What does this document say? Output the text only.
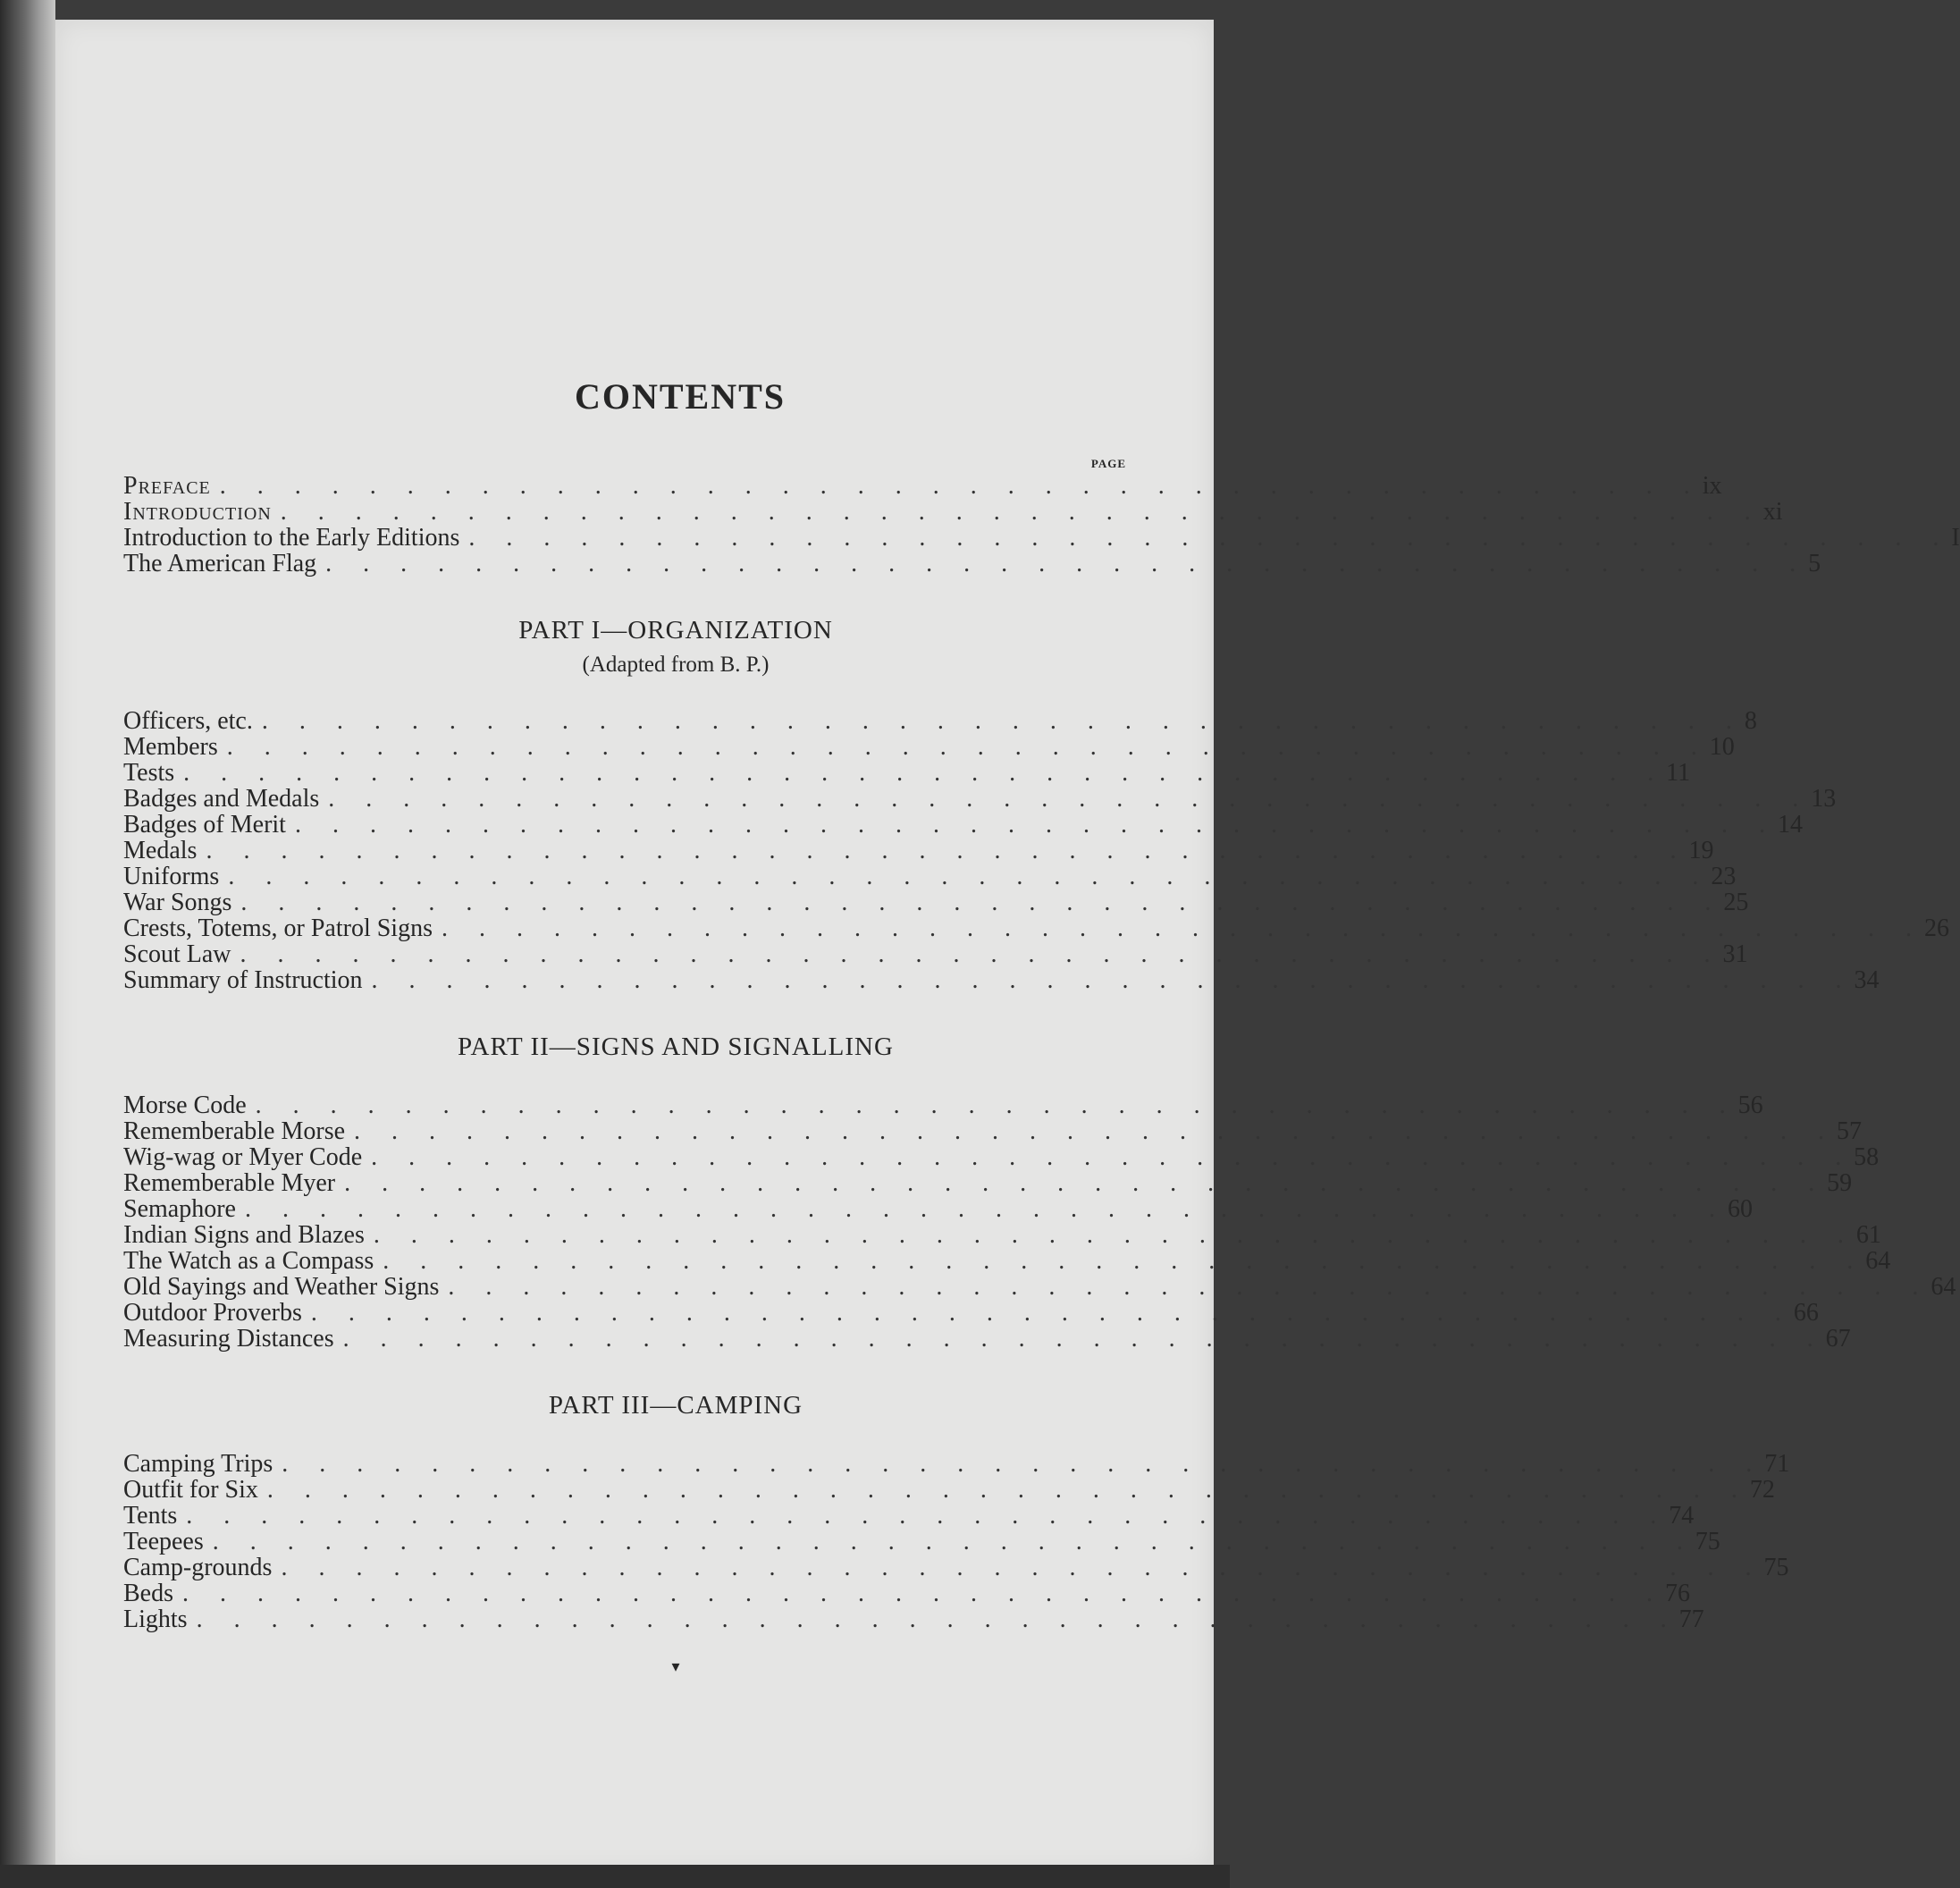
CONTENTS
PAGE
Preface . . . . . . . . . . . . . . . . . . . . . . . . . . . . . . . . . . . . . . . . ix
Introduction . . . . . . . . . . . . . . . . . . . . . . . . . . . . . . . . . . . . . . . . xi
Introduction to the Early Editions . . . . . . . . . . . . . . . . . . . . . . . . . . . . . . . . . . . . . . . . I
The American Flag . . . . . . . . . . . . . . . . . . . . . . . . . . . . . . . . . . . . . . . . 5
PART I—ORGANIZATION
(Adapted from B. P.)
Officers, etc. . . . . . . . . . . . . . . . . . . . . . . . . . . . . . . . . . . . . . . . . 8
Members . . . . . . . . . . . . . . . . . . . . . . . . . . . . . . . . . . . . . . . . 10
Tests . . . . . . . . . . . . . . . . . . . . . . . . . . . . . . . . . . . . . . . . 11
Badges and Medals . . . . . . . . . . . . . . . . . . . . . . . . . . . . . . . . . . . . . . . . 13
Badges of Merit . . . . . . . . . . . . . . . . . . . . . . . . . . . . . . . . . . . . . . . . 14
Medals . . . . . . . . . . . . . . . . . . . . . . . . . . . . . . . . . . . . . . . . 19
Uniforms . . . . . . . . . . . . . . . . . . . . . . . . . . . . . . . . . . . . . . . . 23
War Songs . . . . . . . . . . . . . . . . . . . . . . . . . . . . . . . . . . . . . . . . 25
Crests, Totems, or Patrol Signs . . . . . . . . . . . . . . . . . . . . . . . . . . . . . . . . . . . . . . . . 26
Scout Law . . . . . . . . . . . . . . . . . . . . . . . . . . . . . . . . . . . . . . . . 31
Summary of Instruction . . . . . . . . . . . . . . . . . . . . . . . . . . . . . . . . . . . . . . . . 34
PART II—SIGNS AND SIGNALLING
Morse Code . . . . . . . . . . . . . . . . . . . . . . . . . . . . . . . . . . . . . . . . 56
Rememberable Morse . . . . . . . . . . . . . . . . . . . . . . . . . . . . . . . . . . . . . . . . 57
Wig-wag or Myer Code . . . . . . . . . . . . . . . . . . . . . . . . . . . . . . . . . . . . . . . . 58
Rememberable Myer . . . . . . . . . . . . . . . . . . . . . . . . . . . . . . . . . . . . . . . . 59
Semaphore . . . . . . . . . . . . . . . . . . . . . . . . . . . . . . . . . . . . . . . . 60
Indian Signs and Blazes . . . . . . . . . . . . . . . . . . . . . . . . . . . . . . . . . . . . . . . . 61
The Watch as a Compass . . . . . . . . . . . . . . . . . . . . . . . . . . . . . . . . . . . . . . . . 64
Old Sayings and Weather Signs . . . . . . . . . . . . . . . . . . . . . . . . . . . . . . . . . . . . . . . . 64
Outdoor Proverbs . . . . . . . . . . . . . . . . . . . . . . . . . . . . . . . . . . . . . . . . 66
Measuring Distances . . . . . . . . . . . . . . . . . . . . . . . . . . . . . . . . . . . . . . . . 67
PART III—CAMPING
Camping Trips . . . . . . . . . . . . . . . . . . . . . . . . . . . . . . . . . . . . . . . . 71
Outfit for Six . . . . . . . . . . . . . . . . . . . . . . . . . . . . . . . . . . . . . . . . 72
Tents . . . . . . . . . . . . . . . . . . . . . . . . . . . . . . . . . . . . . . . . 74
Teepees . . . . . . . . . . . . . . . . . . . . . . . . . . . . . . . . . . . . . . . . 75
Camp-grounds . . . . . . . . . . . . . . . . . . . . . . . . . . . . . . . . . . . . . . . . 75
Beds . . . . . . . . . . . . . . . . . . . . . . . . . . . . . . . . . . . . . . . . 76
Lights . . . . . . . . . . . . . . . . . . . . . . . . . . . . . . . . . . . . . . . . 77
▾
